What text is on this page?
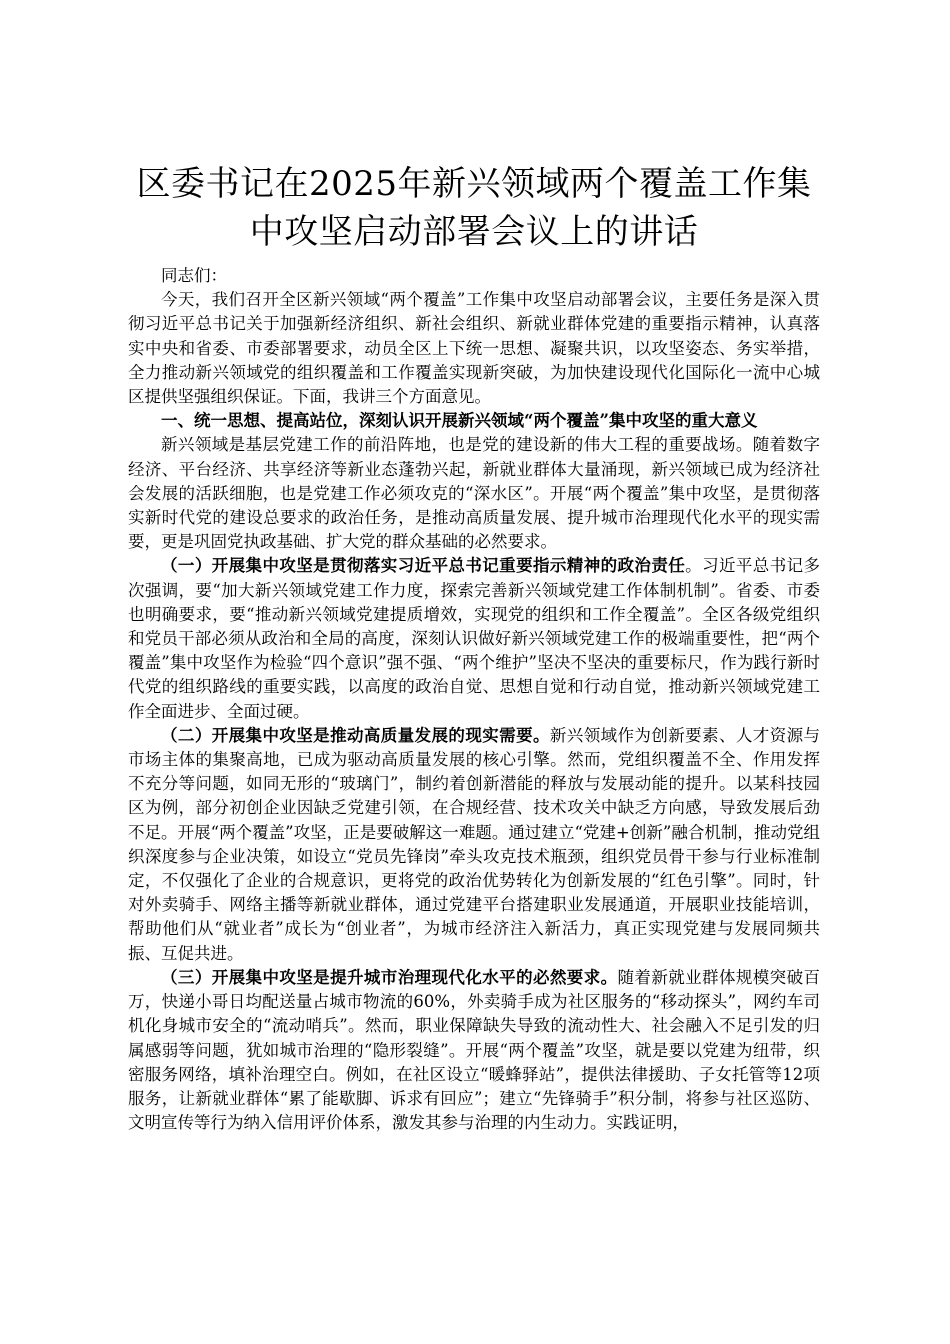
区委书记在2025年新兴领域两个覆盖工作集中攻坚启动部署会议上的讲话

同志们：

今天，我们召开全区新兴领域“两个覆盖”工作集中攻坚启动部署会议，主要任务是深入贯彻习近平总书记关于加强新经济组织、新社会组织、新就业群体党建的重要指示精神，认真落实中央和省委、市委部署要求，动员全区上下统一思想、凝聚共识，以攻坚姿态、务实举措，全力推动新兴领域党的组织覆盖和工作覆盖实现新突破，为加快建设现代化国际化一流中心城区提供坚强组织保证。下面，我讲三个方面意见。

一、统一思想、提高站位，深刻认识开展新兴领域“两个覆盖”集中攻坚的重大意义

新兴领域是基层党建工作的前沿阵地，也是党的建设新的伟大工程的重要战场。随着数字经济、平台经济、共享经济等新业态蓬勃兴起，新就业群体大量涌现，新兴领域已成为经济社会发展的活跃细胞，也是党建工作必须攻克的“深水区”。开展“两个覆盖”集中攻坚，是贯彻落实新时代党的建设总要求的政治任务，是推动高质量发展、提升城市治理现代化水平的现实需要，更是巩固党执政基础、扩大党的群众基础的必然要求。

（一）开展集中攻坚是贯彻落实习近平总书记重要指示精神的政治责任。习近平总书记多次强调，要“加大新兴领域党建工作力度，探索完善新兴领域党建工作体制机制”。省委、市委也明确要求，要“推动新兴领域党建提质增效，实现党的组织和工作全覆盖”。全区各级党组织和党员干部必须从政治和全局的高度，深刻认识做好新兴领域党建工作的极端重要性，把“两个覆盖”集中攻坚作为检验“四个意识”强不强、“两个维护”坚决不坚决的重要标尺，作为践行新时代党的组织路线的重要实践，以高度的政治自觉、思想自觉和行动自觉，推动新兴领域党建工作全面进步、全面过硬。

（二）开展集中攻坚是推动高质量发展的现实需要。新兴领域作为创新要素、人才资源与市场主体的集聚高地，已成为驱动高质量发展的核心引擎。然而，党组织覆盖不全、作用发挥不充分等问题，如同无形的“玻璃门”，制约着创新潜能的释放与发展动能的提升。以某科技园区为例，部分初创企业因缺乏党建引领，在合规经营、技术攻关中缺乏方向感，导致发展后劲不足。开展“两个覆盖”攻坚，正是要破解这一难题。通过建立“党建+创新”融合机制，推动党组织深度参与企业决策，如设立“党员先锋岗”牵头攻克技术瓶颈，组织党员骨干参与行业标准制定，不仅强化了企业的合规意识，更将党的政治优势转化为创新发展的“红色引擎”。同时，针对外卖骑手、网络主播等新就业群体，通过党建平台搭建职业发展通道，开展职业技能培训，帮助他们从“就业者”成长为“创业者”，为城市经济注入新活力，真正实现党建与发展同频共振、互促共进。

（三）开展集中攻坚是提升城市治理现代化水平的必然要求。随着新就业群体规模突破百万，快递小哥日均配送量占城市物流的60%，外卖骑手成为社区服务的“移动探头”，网约车司机化身城市安全的“流动哨兵”。然而，职业保障缺失导致的流动性大、社会融入不足引发的归属感弱等问题，犹如城市治理的“隐形裂缝”。开展“两个覆盖”攻坚，就是要以党建为纽带，织密服务网络，填补治理空白。例如，在社区设立“暖蜂驿站”，提供法律援助、子女托管等12项服务，让新就业群体“累了能歇脚、诉求有回应”；建立“先锋骑手”积分制，将参与社区巡防、文明宣传等行为纳入信用评价体系，激发其参与治理的内生动力。实践证明，
